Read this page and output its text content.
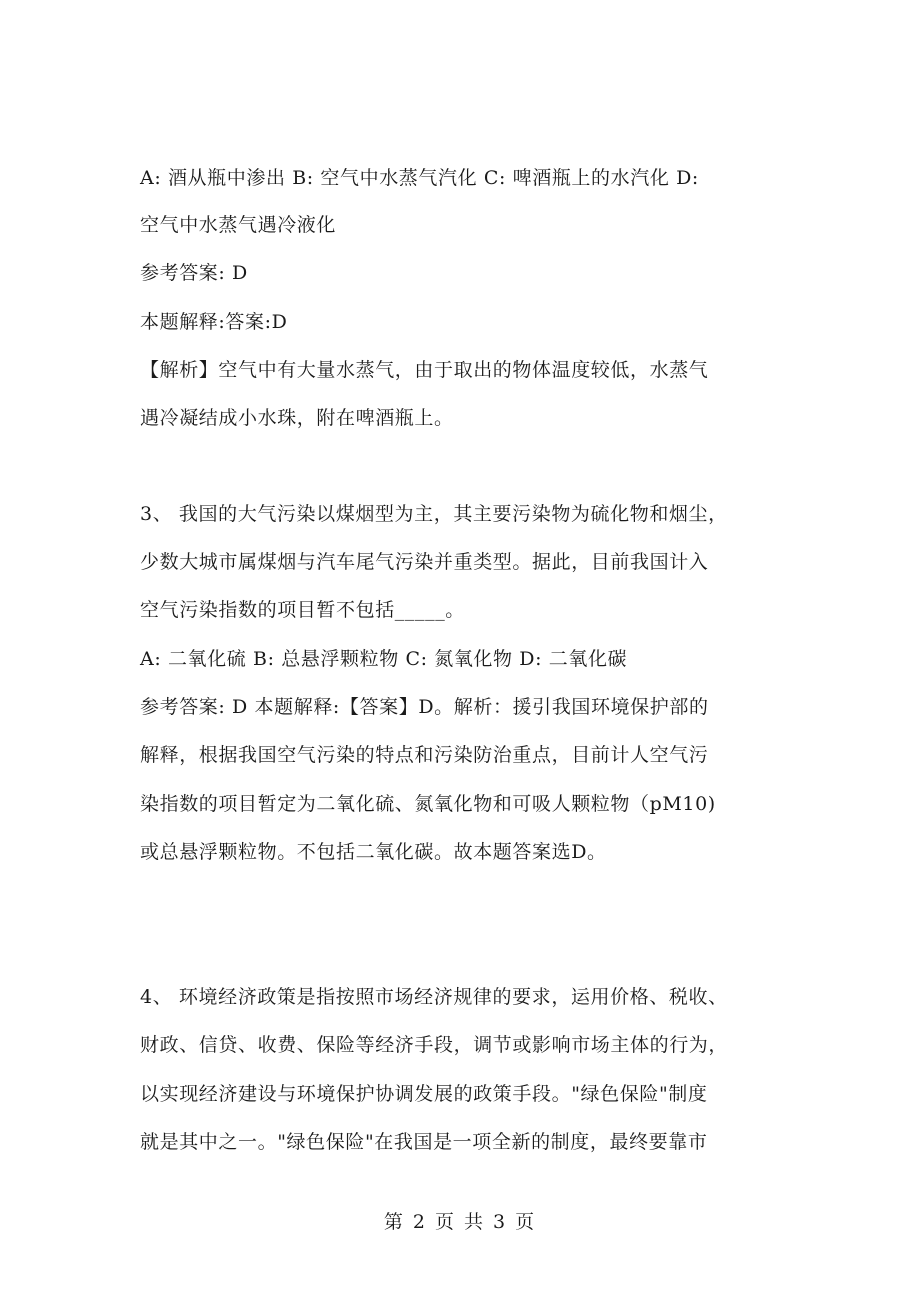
A: 酒从瓶中渗出 B: 空气中水蒸气汽化 C: 啤酒瓶上的水汽化 D:
空气中水蒸气遇冷液化
参考答案: D
本题解释:答案:D
【解析】空气中有大量水蒸气，由于取出的物体温度较低，水蒸气
遇冷凝结成小水珠，附在啤酒瓶上。
3、 我国的大气污染以煤烟型为主，其主要污染物为硫化物和烟尘，
少数大城市属煤烟与汽车尾气污染并重类型。据此，目前我国计入
空气污染指数的项目暂不包括_____。
A: 二氧化硫 B: 总悬浮颗粒物 C: 氮氧化物 D: 二氧化碳
参考答案: D 本题解释:【答案】D。解析：援引我国环境保护部的
解释，根据我国空气污染的特点和污染防治重点，目前计人空气污
染指数的项目暂定为二氧化硫、氮氧化物和可吸人颗粒物（pM10)
或总悬浮颗粒物。不包括二氧化碳。故本题答案选D。
4、 环境经济政策是指按照市场经济规律的要求，运用价格、税收、
财政、信贷、收费、保险等经济手段，调节或影响市场主体的行为，
以实现经济建设与环境保护协调发展的政策手段。"绿色保险"制度
就是其中之一。"绿色保险"在我国是一项全新的制度，最终要靠市
第 2 页 共 3 页
